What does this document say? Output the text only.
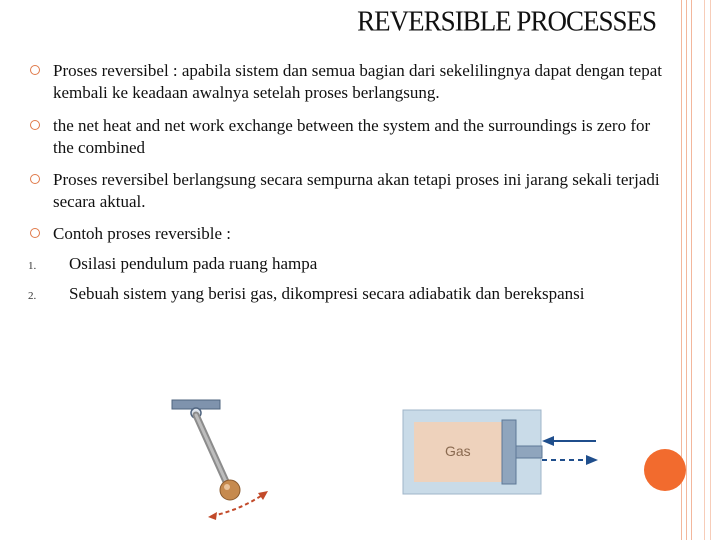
REVERSIBLE PROCESSES
Proses reversibel : apabila sistem dan semua bagian dari sekelilingnya dapat dengan tepat kembali ke keadaan awalnya setelah proses berlangsung.
the net heat and net work exchange between the system and the surroundings is zero for the combined
Proses reversibel berlangsung secara sempurna akan tetapi proses ini jarang sekali terjadi secara aktual.
Contoh proses reversible :
1. Osilasi pendulum pada ruang hampa
2. Sebuah sistem yang berisi gas, dikompresi secara adiabatik dan berekspansi
Gas
